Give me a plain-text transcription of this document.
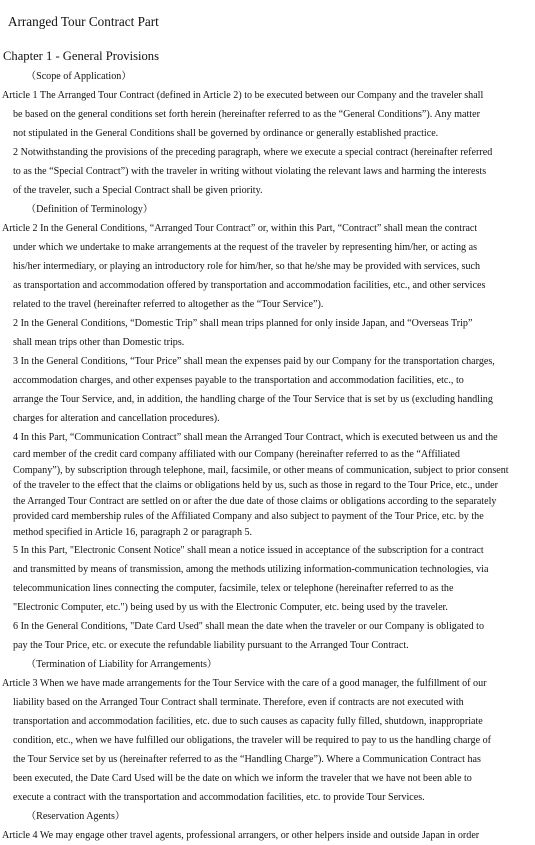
Arranged Tour Contract Part
Chapter 1 - General Provisions
（Scope of Application）
Article 1 The Arranged Tour Contract (defined in Article 2) to be executed between our Company and the traveler shall
be based on the general conditions set forth herein (hereinafter referred to as the “General Conditions”). Any matter
not stipulated in the General Conditions shall be governed by ordinance or generally established practice.
2 Notwithstanding the provisions of the preceding paragraph, where we execute a special contract (hereinafter referred
to as the “Special Contract”) with the traveler in writing without violating the relevant laws and harming the interests
of the traveler, such a Special Contract shall be given priority.
（Definition of Terminology）
Article 2 In the General Conditions, “Arranged Tour Contract” or, within this Part, “Contract” shall mean the contract
under which we undertake to make arrangements at the request of the traveler by representing him/her, or acting as
his/her intermediary, or playing an introductory role for him/her, so that he/she may be provided with services, such
as transportation and accommodation offered by transportation and accommodation facilities, etc., and other services
related to the travel (hereinafter referred to altogether as the “Tour Service”).
2 In the General Conditions, “Domestic Trip” shall mean trips planned for only inside Japan, and “Overseas Trip”
shall mean trips other than Domestic trips.
3 In the General Conditions, “Tour Price” shall mean the expenses paid by our Company for the transportation charges,
accommodation charges, and other expenses payable to the transportation and accommodation facilities, etc., to
arrange the Tour Service, and, in addition, the handling charge of the Tour Service that is set by us (excluding handling
charges for alteration and cancellation procedures).
4 In this Part, “Communication Contract” shall mean the Arranged Tour Contract, which is executed between us and the
card member of the credit card company affiliated with our Company (hereinafter referred to as the “Affiliated
Company”), by subscription through telephone, mail, facsimile, or other means of communication, subject to prior consent
of the traveler to the effect that the claims or obligations held by us, such as those in regard to the Tour Price, etc., under
the Arranged Tour Contract are settled on or after the due date of those claims or obligations according to the separately
provided card membership rules of the Affiliated Company and also subject to payment of the Tour Price, etc. by the
method specified in Article 16, paragraph 2 or paragraph 5.
5 In this Part, "Electronic Consent Notice" shall mean a notice issued in acceptance of the subscription for a contract
and transmitted by means of transmission, among the methods utilizing information-communication technologies, via
telecommunication lines connecting the computer, facsimile, telex or telephone (hereinafter referred to as the
"Electronic Computer, etc.") being used by us with the Electronic Computer, etc. being used by the traveler.
6 In the General Conditions, "Date Card Used" shall mean the date when the traveler or our Company is obligated to
pay the Tour Price, etc. or execute the refundable liability pursuant to the Arranged Tour Contract.
（Termination of Liability for Arrangements）
Article 3 When we have made arrangements for the Tour Service with the care of a good manager, the fulfillment of our
liability based on the Arranged Tour Contract shall terminate. Therefore, even if contracts are not executed with
transportation and accommodation facilities, etc. due to such causes as capacity fully filled, shutdown, inappropriate
condition, etc., when we have fulfilled our obligations, the traveler will be required to pay to us the handling charge of
the Tour Service set by us (hereinafter referred to as the “Handling Charge”). Where a Communication Contract has
been executed, the Date Card Used will be the date on which we inform the traveler that we have not been able to
execute a contract with the transportation and accommodation facilities, etc. to provide Tour Services.
（Reservation Agents）
Article 4 We may engage other travel agents, professional arrangers, or other helpers inside and outside Japan in order
